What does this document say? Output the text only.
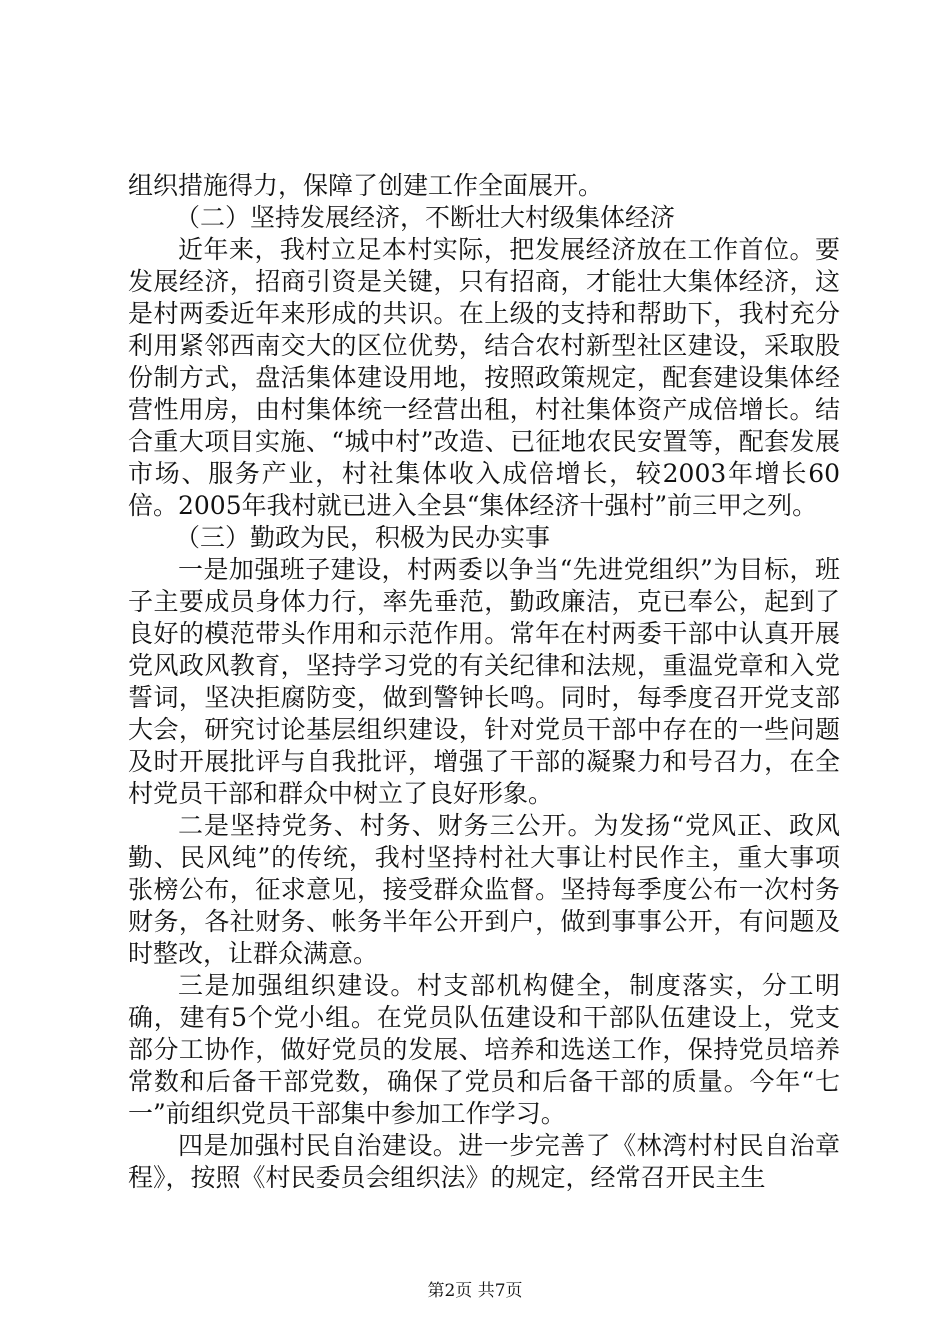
组织措施得力，保障了创建工作全面展开。

（二）坚持发展经济，不断壮大村级集体经济

近年来，我村立足本村实际，把发展经济放在工作首位。要发展经济，招商引资是关键，只有招商，才能壮大集体经济，这是村两委近年来形成的共识。在上级的支持和帮助下，我村充分利用紧邻西南交大的区位优势，结合农村新型社区建设，采取股份制方式，盘活集体建设用地，按照政策规定，配套建设集体经营性用房，由村集体统一经营出租，村社集体资产成倍增长。结合重大项目实施、“城中村”改造、已征地农民安置等，配套发展市场、服务产业，村社集体收入成倍增长，较2003年增长60倍。2005年我村就已进入全县“集体经济十强村”前三甲之列。

（三）勤政为民，积极为民办实事

一是加强班子建设，村两委以争当“先进党组织”为目标，班子主要成员身体力行，率先垂范，勤政廉洁，克已奉公，起到了良好的模范带头作用和示范作用。常年在村两委干部中认真开展党风政风教育，坚持学习党的有关纪律和法规，重温党章和入党誓词，坚决拒腐防变，做到警钟长鸣。同时，每季度召开党支部大会，研究讨论基层组织建设，针对党员干部中存在的一些问题及时开展批评与自我批评，增强了干部的凝聚力和号召力，在全村党员干部和群众中树立了良好形象。

二是坚持党务、村务、财务三公开。为发扬“党风正、政风勤、民风纯”的传统，我村坚持村社大事让村民作主，重大事项张榜公布，征求意见，接受群众监督。坚持每季度公布一次村务财务，各社财务、帐务半年公开到户，做到事事公开，有问题及时整改，让群众满意。

三是加强组织建设。村支部机构健全，制度落实，分工明确，建有5个党小组。在党员队伍建设和干部队伍建设上，党支部分工协作，做好党员的发展、培养和选送工作，保持党员培养常数和后备干部党数，确保了党员和后备干部的质量。今年“七一”前组织党员干部集中参加工作学习。

四是加强村民自治建设。进一步完善了《林湾村村民自治章程》，按照《村民委员会组织法》的规定，经常召开民主生

第2页 共7页
